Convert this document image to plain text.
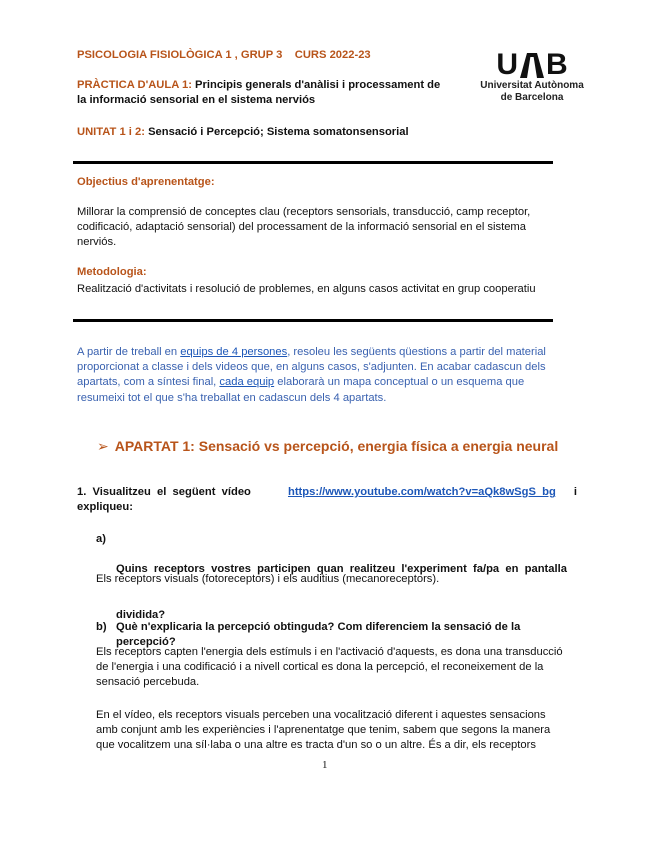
PSICOLOGIA FISIOLÒGICA 1 , GRUP 3    CURS 2022-23
PRÀCTICA D'AULA 1: Principis generals d'anàlisi i processament de
la informació sensorial en el sistema nerviós
UNITAT 1 i 2: Sensació i Percepció; Sistema somatonsensorial
U B
Universitat Autònoma
de Barcelona
Objectius d'aprenentatge:
Millorar la comprensió de conceptes clau (receptors sensorials, transducció, camp receptor,
codificació, adaptació sensorial) del processament de la informació sensorial en el sistema
nerviós.
Metodologia:
Realització d'activitats i resolució de problemes, en alguns casos activitat en grup cooperatiu
A partir de treball en equips de 4 persones, resoleu les següents qüestions a partir del material
proporcionat a classe i dels videos que, en alguns casos, s'adjunten. En acabar cadascun dels
apartats, com a síntesi final, cada equip elaborarà un mapa conceptual o un esquema que
resumeixi tot el que s'ha treballat en cadascun dels 4 apartats.
➢ APARTAT 1: Sensació vs percepció, energia física a energia neural
1.  Visualitzeu  el  següent  vídeo	https://www.youtube.com/watch?v=aQk8wSgS_bg i
expliqueu:
a)

Quins  receptors  vostres  participen  quan  realitzeu  l'experiment  fa/pa  en  pantalla

dividida?

Els receptors visuals (fotoreceptors) i els auditius (mecanoreceptors).
b) Què n'explicaria la percepció obtinguda? Com diferenciem la sensació de la percepció?
Els receptors capten l'energia dels estímuls i en l'activació d'aquests, es dona una transducció
de l'energia i una codificació i a nivell cortical es dona la percepció, el reconeixement de la
sensació percebuda.
En el vídeo, els receptors visuals perceben una vocalització diferent i aquestes sensacions
amb conjunt amb les experiències i l'aprenentatge que tenim, sabem que segons la manera
que vocalitzem una síl·laba o una altre es tracta d'un so o un altre. És a dir, els receptors
1
